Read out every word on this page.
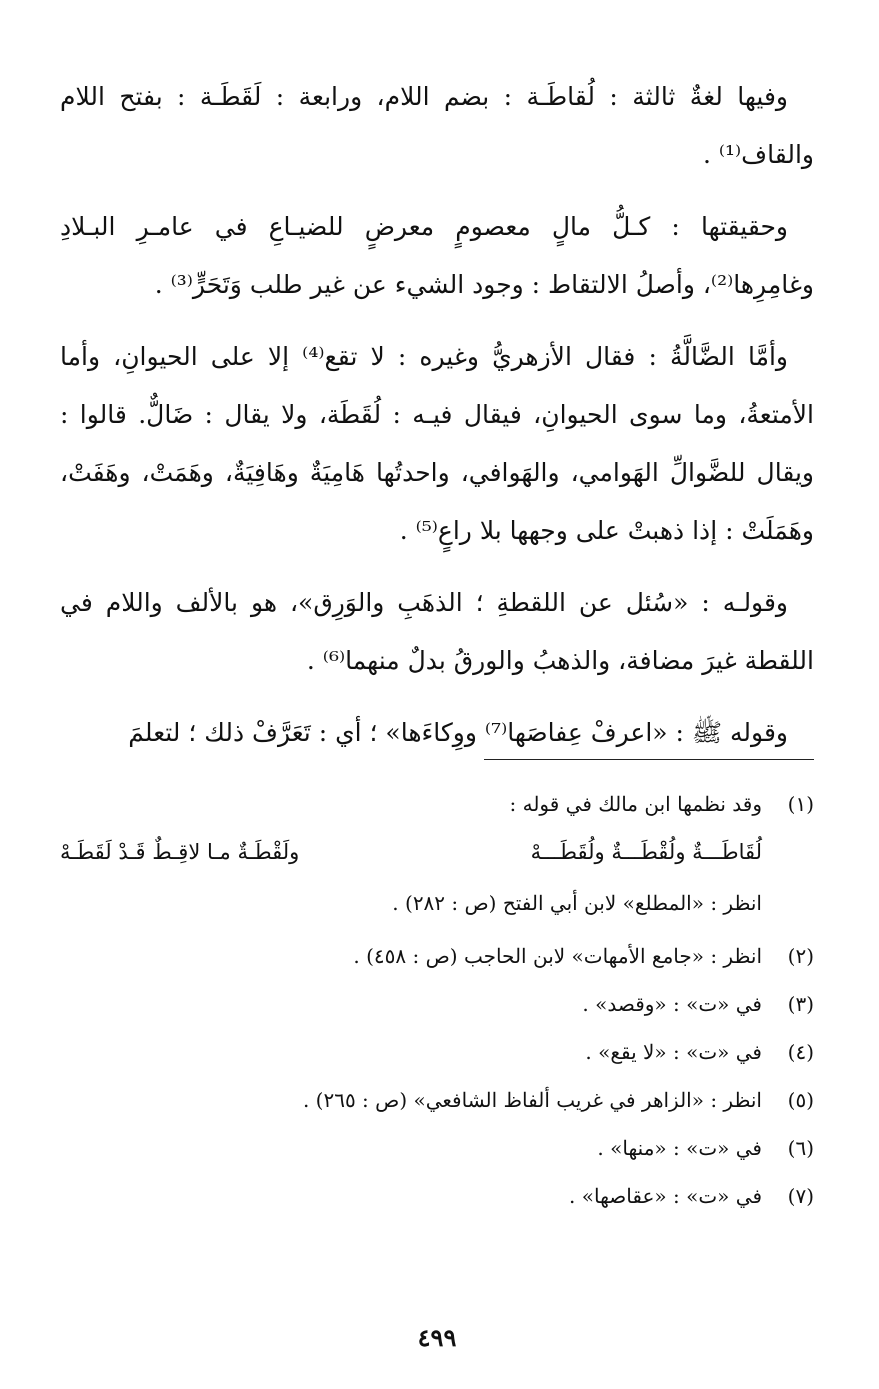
وفيها لغةٌ ثالثة : لُقاطَـة : بضم اللام، ورابعة : لَقَطَـة : بفتح اللام والقاف⁽¹⁾ .

وحقيقتها : كـلُّ مالٍ معصومٍ معرضٍ للضيـاعِ في عامـرِ البـلادِ وغامِرِها⁽²⁾، وأصلُ الالتقاط : وجود الشيء عن غير طلب وَتَحَرٍّ⁽³⁾ .

وأمَّا الضَّالَّةُ : فقال الأزهريُّ وغيره : لا تقع⁽⁴⁾ إلا على الحيوانِ، وأما الأمتعةُ، وما سوى الحيوانِ، فيقال فيـه : لُقَطَة، ولا يقال : ضَالٌّ. قالوا : ويقال للضَّوالِّ الهَوامي، والهَوافي، واحدتُها هَامِيَةٌ وهَافِيَةٌ، وهَمَتْ، وهَفَتْ، وهَمَلَتْ : إذا ذهبتْ على وجهها بلا راعٍ⁽⁵⁾ .

وقولـه : «سُئل عن اللقطةِ ؛ الذهَبِ والوَرِق»، هو بالألف واللام في اللقطة غيرَ مضافة، والذهبُ والورقُ بدلٌ منهما⁽⁶⁾ .

وقوله ﷺ : «اعرفْ عِفاصَها⁽⁷⁾ ووِكاءَها» ؛ أي : تَعَرَّفْ ذلك ؛ لتعلمَ

(١)
وقد نظمها ابن مالك في قوله :
لُقَاطَـــةٌ ولُقْطَـــةٌ ولُقَطَـــهْ
ولَقْطَـةٌ مـا لاقِـطٌ قَـدْ لَقَطَـهْ
انظر : «المطلع» لابن أبي الفتح (ص : ٢٨٢) .
(٢)
انظر : «جامع الأمهات» لابن الحاجب (ص : ٤٥٨) .
(٣)
في «ت» : «وقصد» .
(٤)
في «ت» : «لا يقع» .
(٥)
انظر : «الزاهر في غريب ألفاظ الشافعي» (ص : ٢٦٥) .
(٦)
في «ت» : «منها» .
(٧)
في «ت» : «عقاصها» .
٤٩٩
